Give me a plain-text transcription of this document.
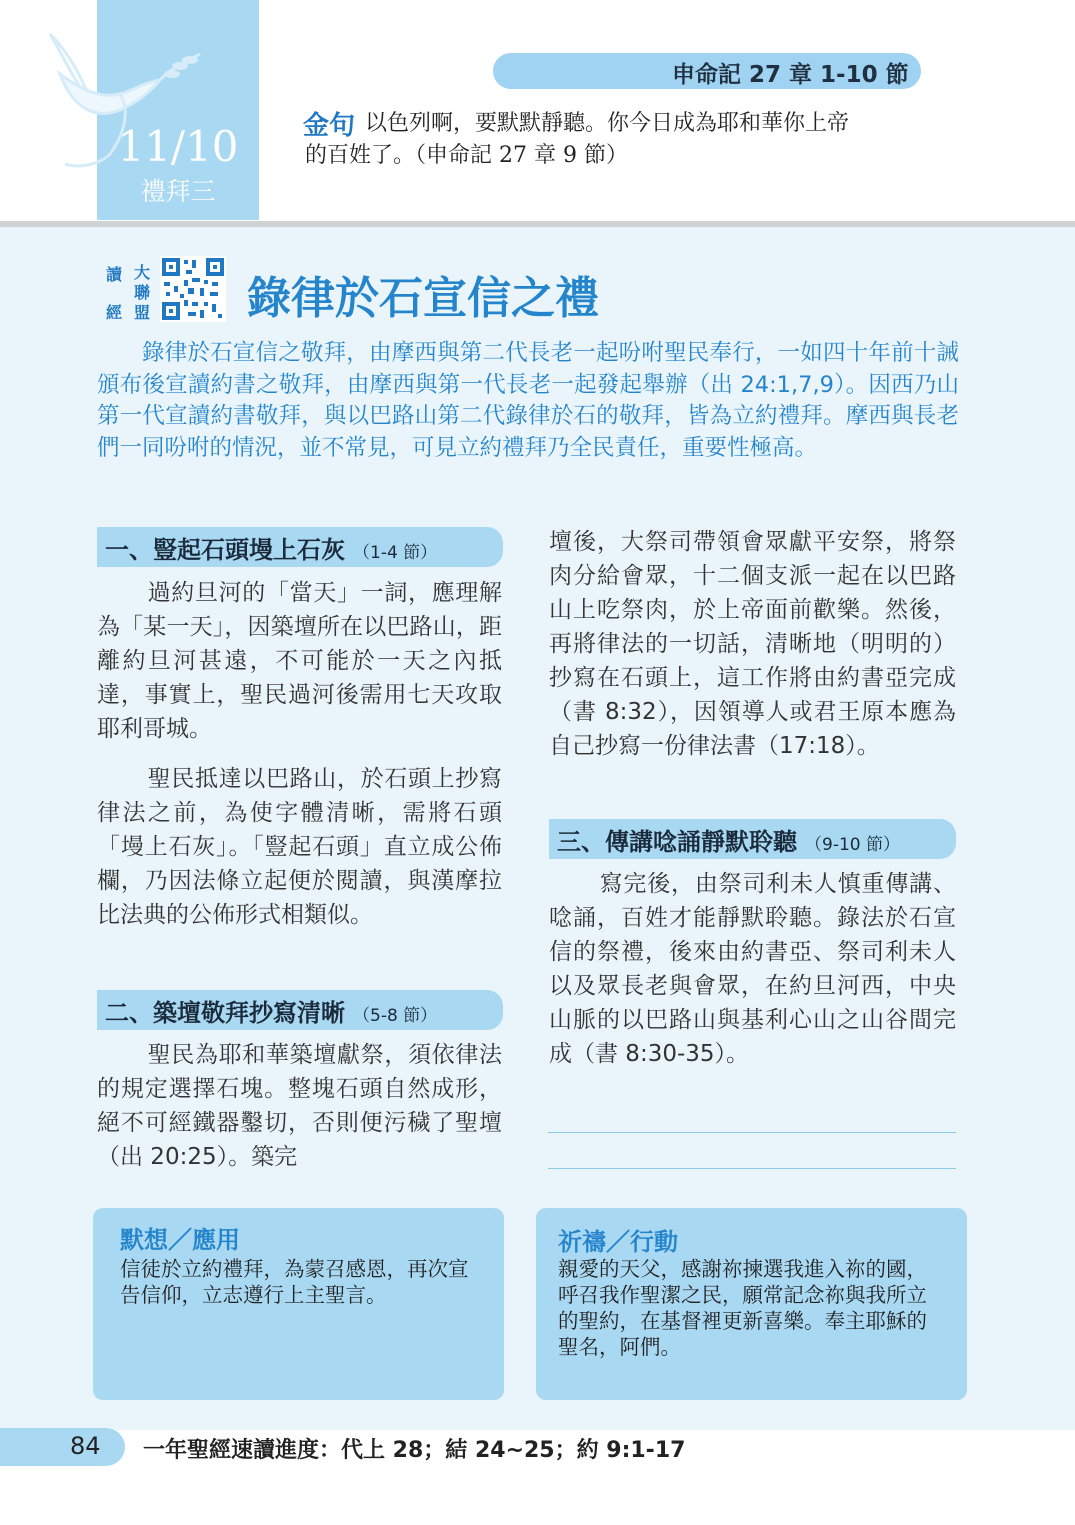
11/10
禮拜三
申命記 27 章 1-10 節
金句 以色列啊，要默默靜聽。你今日成為耶和華你上帝
的百姓了。（申命記 27 章 9 節）
讀 大
聯
經 盟 錄律於石宣信之禮
錄律於石宣信之敬拜，由摩西與第二代長老一起吩咐聖民奉行，一如四十年前十誡頒布後宣讀約書之敬拜，由摩西與第一代長老一起發起舉辦（出 24:1,7,9）。因西乃山第一代宣讀約書敬拜，與以巴路山第二代錄律於石的敬拜，皆為立約禮拜。摩西與長老們一同吩咐的情況，並不常見，可見立約禮拜乃全民責任，重要性極高。
一、豎起石頭墁上石灰 （1-4 節）

過約旦河的「當天」一詞，應理解為「某一天」，因築壇所在以巴路山，距離約旦河甚遠，不可能於一天之內抵達，事實上，聖民過河後需用七天攻取耶利哥城。

聖民抵達以巴路山，於石頭上抄寫律法之前，為使字體清晰，需將石頭「墁上石灰」。「豎起石頭」直立成公佈欄，乃因法條立起便於閱讀，與漢摩拉比法典的公佈形式相類似。

二、築壇敬拜抄寫清晰 （5-8 節）

聖民為耶和華築壇獻祭，須依律法的規定選擇石塊。整塊石頭自然成形，絕不可經鐵器鑿切，否則便污穢了聖壇（出 20:25）。築完

壇後，大祭司帶領會眾獻平安祭，將祭肉分給會眾，十二個支派一起在以巴路山上吃祭肉，於上帝面前歡樂。然後，再將律法的一切話，清晰地（明明的）抄寫在石頭上，這工作將由約書亞完成（書 8:32），因領導人或君王原本應為自己抄寫一份律法書（17:18）。

三、傳講唸誦靜默聆聽 （9-10 節）

寫完後，由祭司利未人慎重傳講、唸誦，百姓才能靜默聆聽。錄法於石宣信的祭禮，後來由約書亞、祭司利未人以及眾長老與會眾，在約旦河西，中央山脈的以巴路山與基利心山之山谷間完成（書 8:30-35）。

默想／應用
信徒於立約禮拜，為蒙召感恩，再次宣告信仰，立志遵行上主聖言。
祈禱／行動
親愛的天父，感謝祢揀選我進入祢的國，呼召我作聖潔之民，願常記念祢與我所立的聖約，在基督裡更新喜樂。奉主耶穌的聖名，阿們。
84 一年聖經速讀進度：代上 28；結 24~25；約 9:1-17
